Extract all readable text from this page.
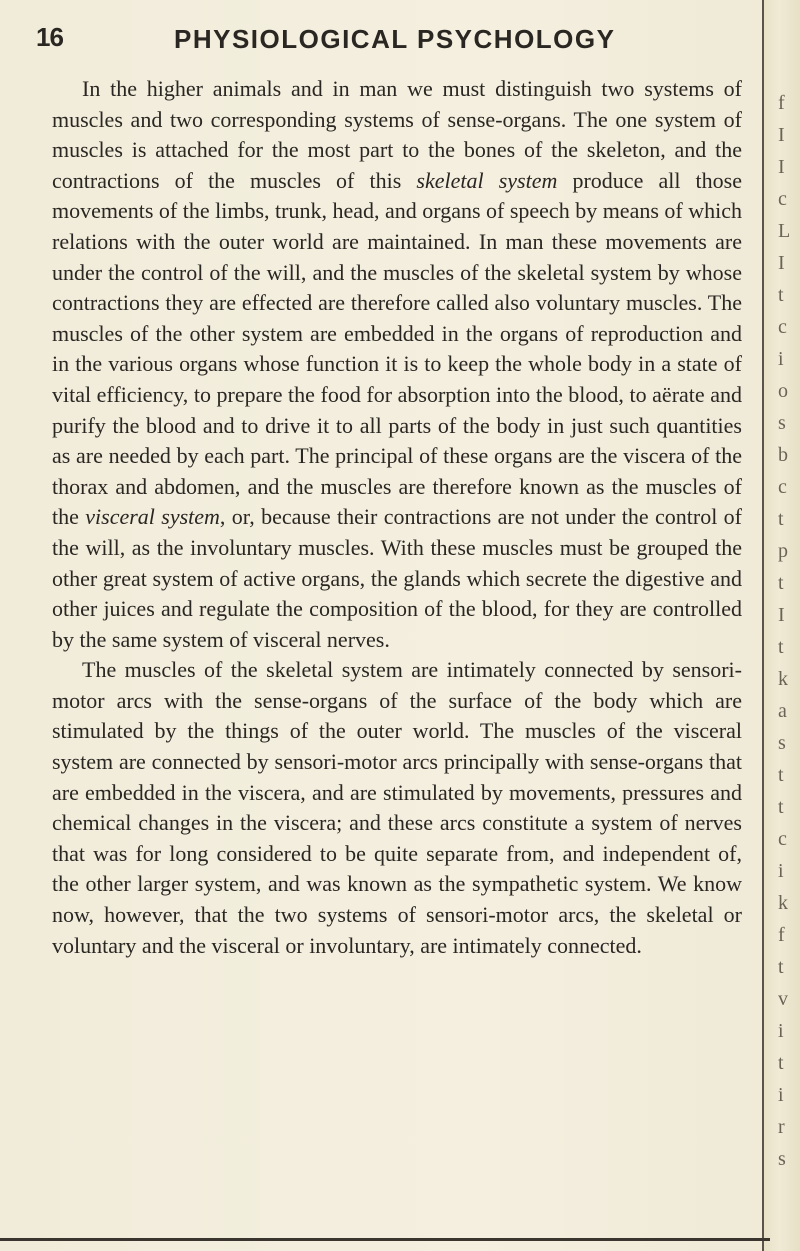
16	PHYSIOLOGICAL PSYCHOLOGY

In the higher animals and in man we must distinguish two systems of muscles and two corresponding systems of sense-organs. The one system of muscles is attached for the most part to the bones of the skeleton, and the contractions of the muscles of this skeletal system produce all those movements of the limbs, trunk, head, and organs of speech by means of which relations with the outer world are maintained. In man these movements are under the control of the will, and the muscles of the skeletal system by whose contractions they are effected are therefore called also voluntary muscles. The muscles of the other system are embedded in the organs of reproduction and in the various organs whose function it is to keep the whole body in a state of vital efficiency, to prepare the food for absorption into the blood, to aërate and purify the blood and to drive it to all parts of the body in just such quantities as are needed by each part. The principal of these organs are the viscera of the thorax and abdomen, and the muscles are therefore known as the muscles of the visceral system, or, because their contractions are not under the control of the will, as the involuntary muscles. With these muscles must be grouped the other great system of active organs, the glands which secrete the digestive and other juices and regulate the composition of the blood, for they are controlled by the same system of visceral nerves.

The muscles of the skeletal system are intimately connected by sensori-motor arcs with the sense-organs of the surface of the body which are stimulated by the things of the outer world. The muscles of the visceral system are connected by sensori-motor arcs principally with sense-organs that are embedded in the viscera, and are stimulated by movements, pressures and chemical changes in the viscera; and these arcs constitute a system of nerves that was for long considered to be quite separate from, and independent of, the other larger system, and was known as the sympathetic system. We know now, however, that the two systems of sensori-motor arcs, the skeletal or voluntary and the visceral or involuntary, are intimately connected.

f
I
I
c
L
I
t
c
i
o
s
b
c
t
p
t
I
t
k
a
s
t
t
c
i
k
f
t
v
i
t
i
r
s
